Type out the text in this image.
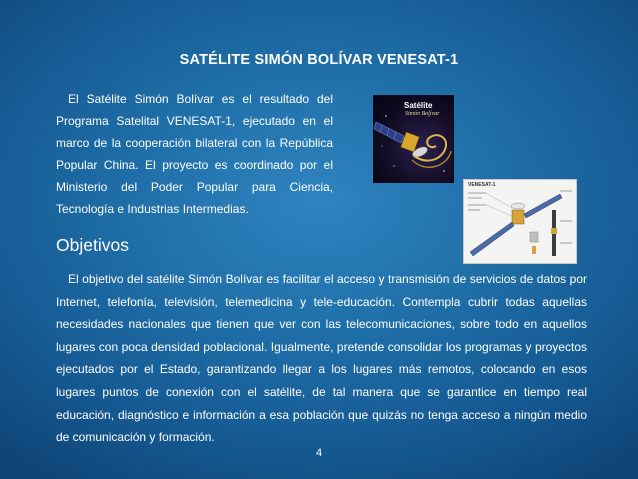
SATÉLITE SIMÓN BOLÍVAR VENESAT-1

El Satélite Simón Bolívar es el resultado del Programa Satelital VENESAT-1, ejecutado en el marco de la cooperación bilateral con la República Popular China. El proyecto es coordinado por el Ministerio del Poder Popular para Ciencia, Tecnología e Industrias Intermedias.

Satélite
Simón Bolívar
VENESAT-1
Objetivos

El objetivo del satélite Simón Bolívar es facilitar el acceso y transmisión de servicios de datos por Internet, telefonía, televisión, telemedicina y tele-educación. Contempla cubrir todas aquellas necesidades nacionales que tienen que ver con las telecomunicaciones, sobre todo en aquellos lugares con poca densidad poblacional. Igualmente, pretende consolidar los programas y proyectos ejecutados por el Estado, garantizando llegar a los lugares más remotos, colocando en esos lugares puntos de conexión con el satélite, de tal manera que se garantice en tiempo real educación, diagnóstico e información a esa población que quizás no tenga acceso a ningún medio de comunicación y formación.

4
